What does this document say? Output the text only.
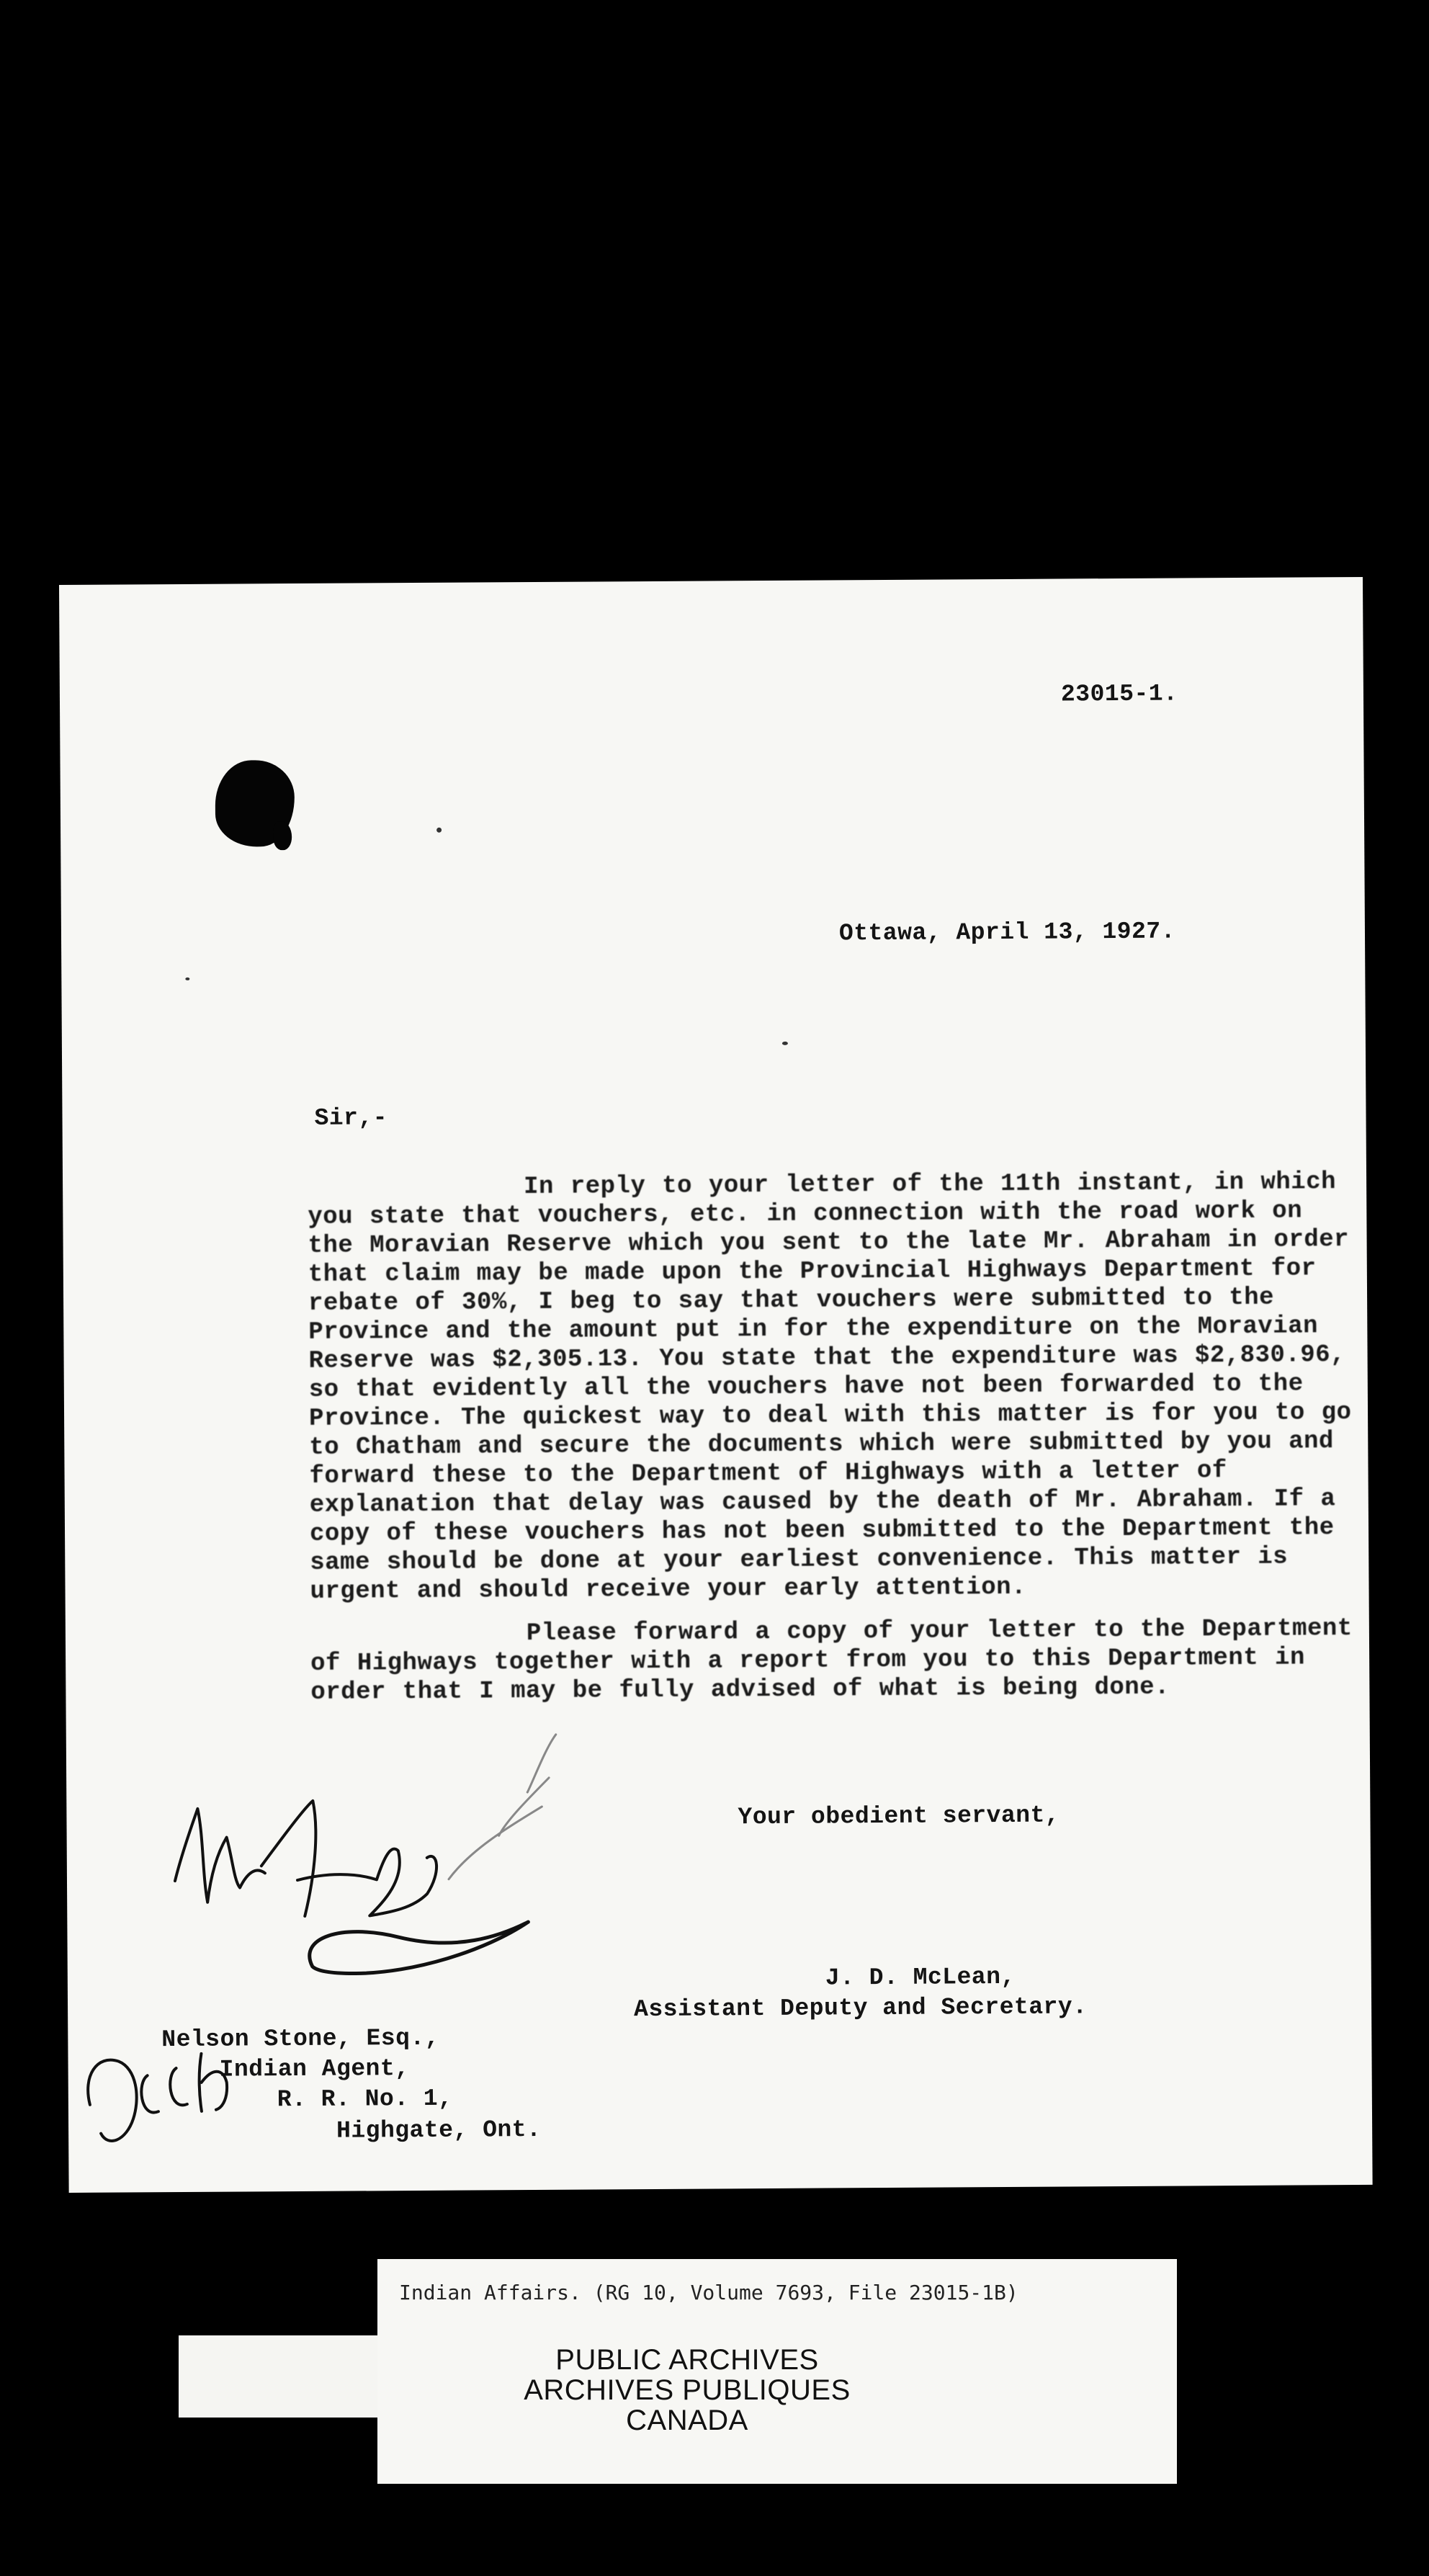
23015-1.
Ottawa, April 13, 1927.
Sir,-

In reply to your letter of the 11th instant, in which you state that vouchers, etc. in connection with the road work on the Moravian Reserve which you sent to the late Mr. Abraham in order that claim may be made upon the Provincial Highways Department for rebate of 30%, I beg to say that vouchers were submitted to the Province and the amount put in for the expenditure on the Moravian Reserve was $2,305.13. You state that the expenditure was $2,830.96, so that evidently all the vouchers have not been forwarded to the Province. The quickest way to deal with this matter is for you to go to Chatham and secure the documents which were submitted by you and forward these to the Department of Highways with a letter of explanation that delay was caused by the death of Mr. Abraham. If a copy of these vouchers has not been submitted to the Department the same should be done at your earliest convenience. This matter is urgent and should receive your early attention.

Please forward a copy of your letter to the Department of Highways together with a report from you to this Department in order that I may be fully advised of what is being done.

Your obedient servant,
J. D. McLean,
Assistant Deputy and Secretary.
Nelson Stone, Esq.,
Indian Agent,
R. R. No. 1,
Highgate, Ont.
Indian Affairs. (RG 10, Volume 7693, File 23015-1B)
PUBLIC ARCHIVES
ARCHIVES PUBLIQUES
CANADA
